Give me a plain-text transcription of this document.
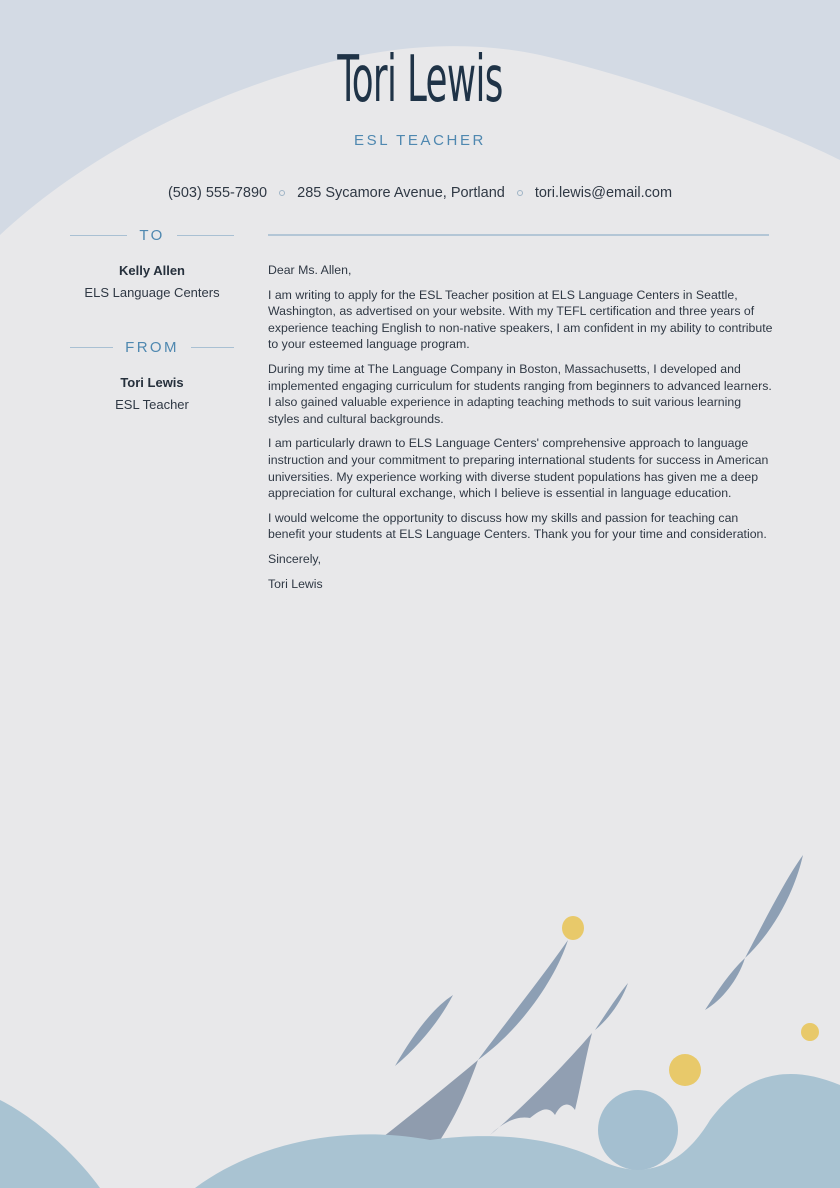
Tori Lewis
ESL TEACHER
(503) 555-7890 285 Sycamore Avenue, Portland tori.lewis@email.com
TO
Kelly Allen
ELS Language Centers
FROM
Tori Lewis
ESL Teacher

Dear Ms. Allen,

I am writing to apply for the ESL Teacher position at ELS Language Centers in Seattle, Washington, as advertised on your website. With my TEFL certification and three years of experience teaching English to non-native speakers, I am confident in my ability to contribute to your esteemed language program.

During my time at The Language Company in Boston, Massachusetts, I developed and implemented engaging curriculum for students ranging from beginners to advanced learners. I also gained valuable experience in adapting teaching methods to suit various learning styles and cultural backgrounds.

I am particularly drawn to ELS Language Centers' comprehensive approach to language instruction and your commitment to preparing international students for success in American universities. My experience working with diverse student populations has given me a deep appreciation for cultural exchange, which I believe is essential in language education.

I would welcome the opportunity to discuss how my skills and passion for teaching can benefit your students at ELS Language Centers. Thank you for your time and consideration.

Sincerely,

Tori Lewis
